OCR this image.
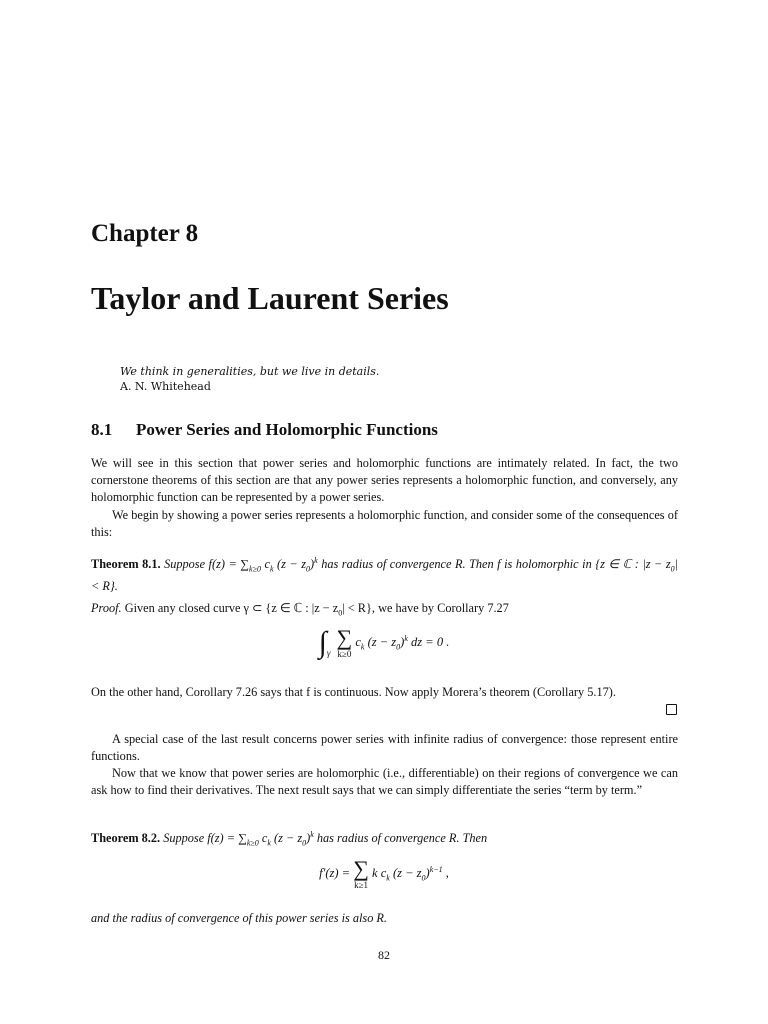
Chapter 8
Taylor and Laurent Series
We think in generalities, but we live in details.
A. N. Whitehead
8.1 Power Series and Holomorphic Functions

We will see in this section that power series and holomorphic functions are intimately related. In fact, the two cornerstone theorems of this section are that any power series represents a holomorphic function, and conversely, any holomorphic function can be represented by a power series.

We begin by showing a power series represents a holomorphic function, and consider some of the consequences of this:

Theorem 8.1. Suppose $f(z) = \sum_{k\ge 0}$ $c_k$ $(z - z_0)^k$ has radius of convergence R. Then f is holomorphic in {z ∈ ℂ : $|z - z_0| < R$}.

Proof. Given any closed curve γ ⊂ {z ∈ ℂ : $|z - z_0| < R$}, we have by Corollary 7.27

$\int_\gamma$
∑
k≥0
$c_k$ $(z - z_0)^k$ dz = 0 .

On the other hand, Corollary 7.26 says that f is continuous. Now apply Morera’s theorem (Corollary 5.17).

A special case of the last result concerns power series with infinite radius of convergence: those represent entire functions.

Now that we know that power series are holomorphic (i.e., differentiable) on their regions of convergence we can ask how to find their derivatives. The next result says that we can simply differentiate the series “term by term.”

Theorem 8.2. Suppose $f(z) = \sum_{k\ge 0}$ $c_k$ $(z - z_0)^k$ has radius of convergence R. Then

f′(z) = ∑
k≥1
k $c_k$ $(z - z_0)^{k-1}$ ,

and the radius of convergence of this power series is also R.

82
